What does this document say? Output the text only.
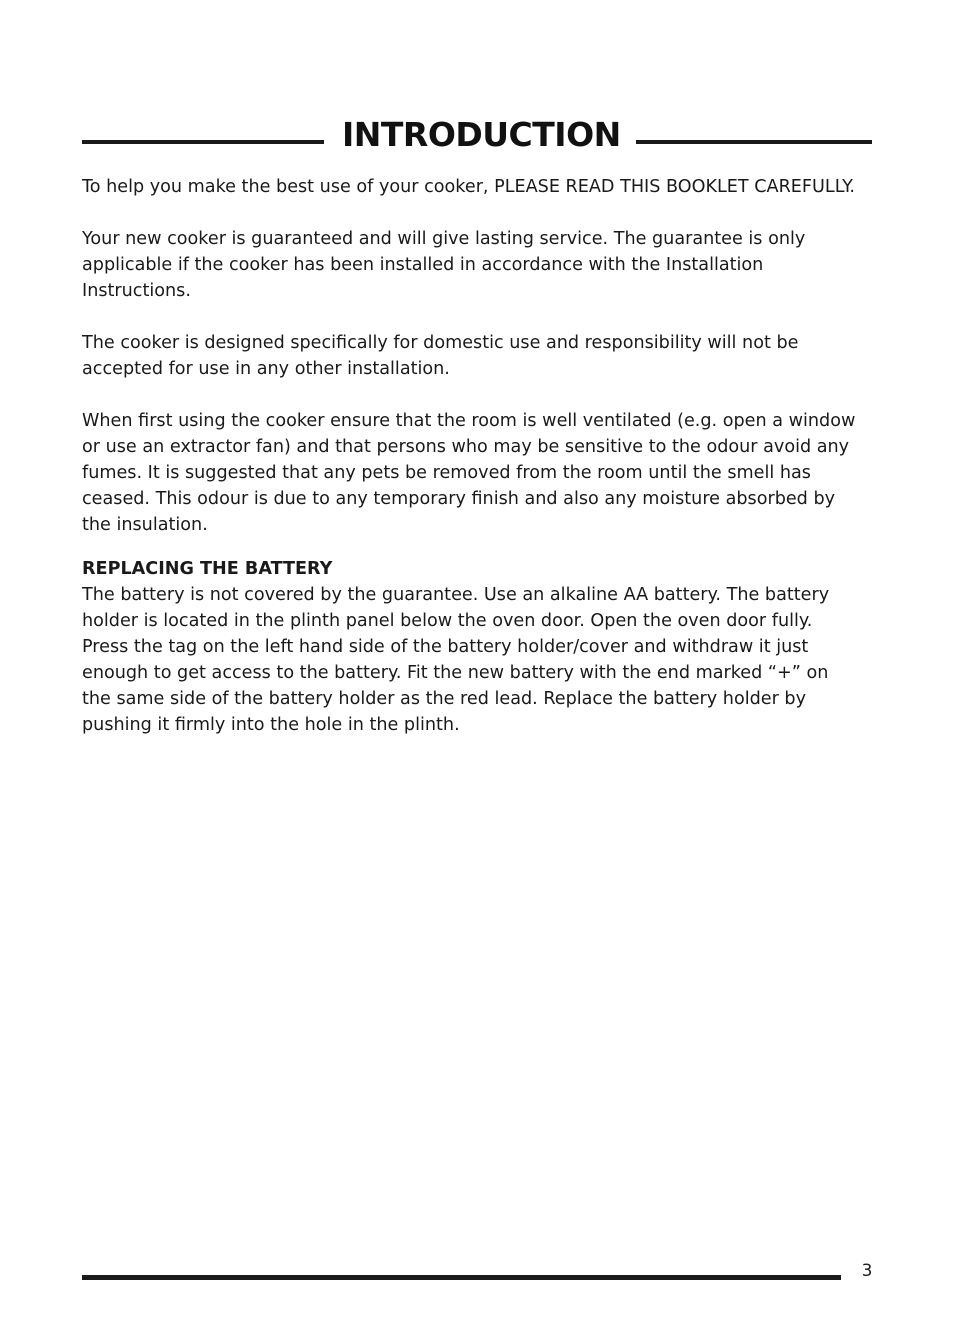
INTRODUCTION

To help you make the best use of your cooker, PLEASE READ THIS BOOKLET CAREFULLY.

Your new cooker is guaranteed and will give lasting service. The guarantee is only applicable if the cooker has been installed in accordance with the Installation Instructions.

The cooker is designed specifically for domestic use and responsibility will not be accepted for use in any other installation.

When first using the cooker ensure that the room is well ventilated (e.g. open a window or use an extractor fan) and that persons who may be sensitive to the odour avoid any fumes. It is suggested that any pets be removed from the room until the smell has ceased. This odour is due to any temporary finish and also any moisture absorbed by the insulation.

REPLACING THE BATTERY

The battery is not covered by the guarantee. Use an alkaline AA battery. The battery holder is located in the plinth panel below the oven door. Open the oven door fully. Press the tag on the left hand side of the battery holder/cover and withdraw it just enough to get access to the battery. Fit the new battery with the end marked “+” on the same side of the battery holder as the red lead. Replace the battery holder by pushing it firmly into the hole in the plinth.

3
